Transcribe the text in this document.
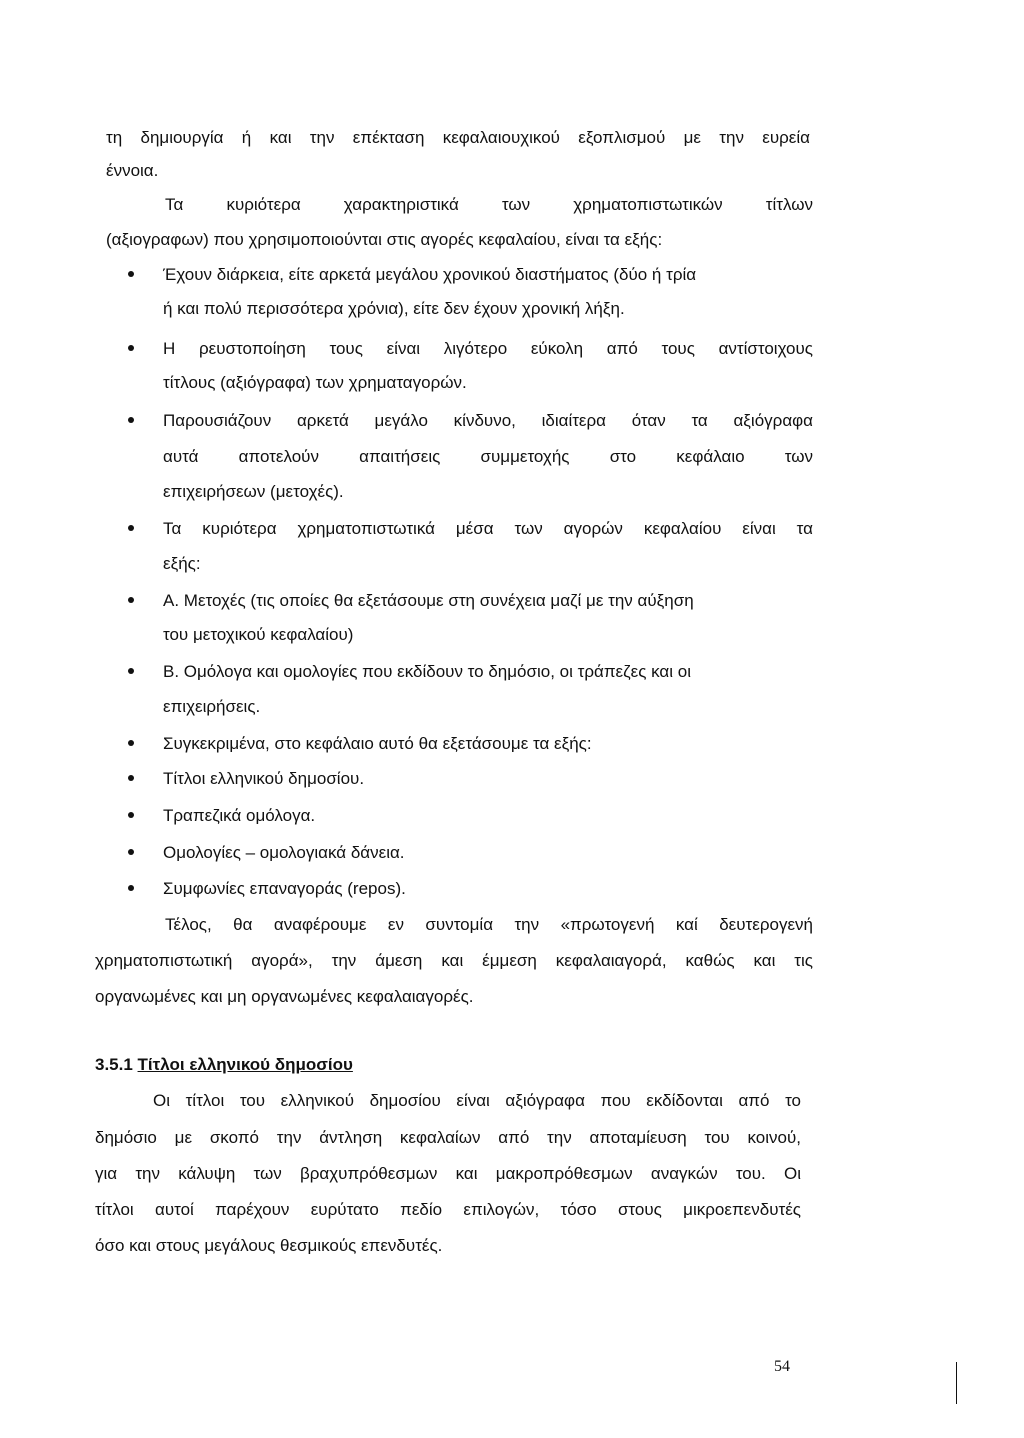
τη δημιουργία ή και την επέκταση κεφαλαιουχικού εξοπλισμού με την ευρεία
έννοια.
Τα κυριότερα χαρακτηριστικά των χρηματοπιστωτικών τίτλων
(αξιογραφων) που χρησιμοποιούνται στις αγορές κεφαλαίου, είναι τα εξής:
Έχουν διάρκεια, είτε αρκετά μεγάλου χρονικού διαστήματος (δύο ή τρία
ή και πολύ περισσότερα χρόνια), είτε δεν έχουν χρονική λήξη.
Η ρευστοποίηση τους είναι λιγότερο εύκολη από τους αντίστοιχους
τίτλους (αξιόγραφα) των χρηματαγορών.
Παρουσιάζουν αρκετά μεγάλο κίνδυνο, ιδιαίτερα όταν τα αξιόγραφα
αυτά αποτελούν απαιτήσεις συμμετοχής στο κεφάλαιο των
επιχειρήσεων (μετοχές).
Τα κυριότερα χρηματοπιστωτικά μέσα των αγορών κεφαλαίου είναι τα
εξής:
Α. Μετοχές (τις οποίες θα εξετάσουμε στη συνέχεια μαζί με την αύξηση
του μετοχικού κεφαλαίου)
Β. Ομόλογα και ομολογίες που εκδίδουν το δημόσιο, οι τράπεζες και οι
επιχειρήσεις.
Συγκεκριμένα, στο κεφάλαιο αυτό θα εξετάσουμε τα εξής:
Τίτλοι ελληνικού δημοσίου.
Τραπεζικά ομόλογα.
Ομολογίες – ομολογιακά δάνεια.
Συμφωνίες επαναγοράς (repos).
Τέλος, θα αναφέρουμε εν συντομία την «πρωτογενή καί δευτερογενή
χρηματοπιστωτική αγορά», την άμεση και έμμεση κεφαλαιαγορά, καθώς και τις
οργανωμένες και μη οργανωμένες κεφαλαιαγορές.
3.5.1 Τίτλοι ελληνικού δημοσίου
Οι τίτλοι του ελληνικού δημοσίου είναι αξιόγραφα που εκδίδονται από το
δημόσιο με σκοπό την άντληση κεφαλαίων από την αποταμίευση του κοινού,
για την κάλυψη των βραχυπρόθεσμων και μακροπρόθεσμων αναγκών του. Οι
τίτλοι αυτοί παρέχουν ευρύτατο πεδίο επιλογών, τόσο στους μικροεπενδυτές
όσο και στους μεγάλους θεσμικούς επενδυτές.
54
